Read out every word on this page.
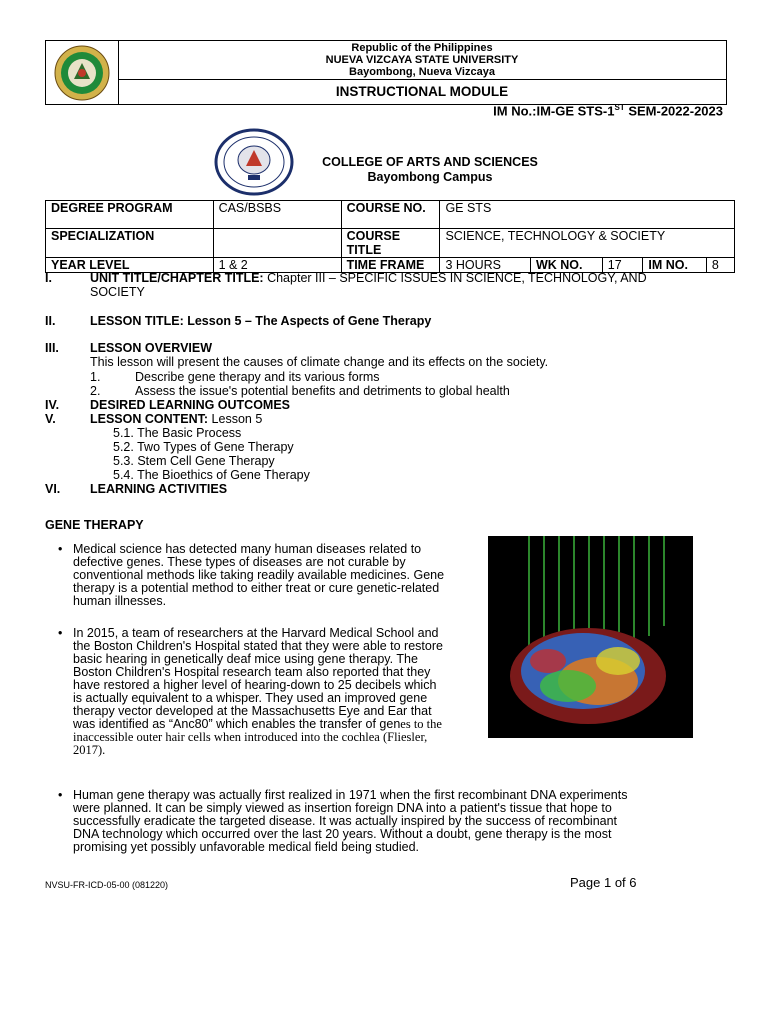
Republic of the Philippines
NUEVA VIZCAYA STATE UNIVERSITY
Bayombong, Nueva Vizcaya
INSTRUCTIONAL MODULE
IM No.:IM-GE STS-1ST SEM-2022-2023
COLLEGE OF ARTS AND SCIENCES
Bayombong Campus
DEGREE PROGRAM	CAS/BSBS	COURSE NO.	GE STS				
SPECIALIZATION		COURSE TITLE	SCIENCE, TECHNOLOGY & SOCIETY				
YEAR LEVEL	1 & 2	TIME FRAME	3 HOURS	WK NO.	17	IM NO.	8
I.	UNIT TITLE/CHAPTER TITLE: Chapter III – SPECIFIC ISSUES IN SCIENCE, TECHNOLOGY, AND
SOCIETY
II.	LESSON TITLE: Lesson 5 – The Aspects of Gene Therapy
III. LESSON OVERVIEW
This lesson will present the causes of climate change and its effects on the society.
1.	Describe gene therapy and its various forms
2.	Assess the issue's potential benefits and detriments to global health
IV. DESIRED LEARNING OUTCOMES
V.	LESSON CONTENT: Lesson 5
5.1. The Basic Process
5.2. Two Types of Gene Therapy
5.3. Stem Cell Gene Therapy
5.4. The Bioethics of Gene Therapy
VI. LEARNING ACTIVITIES
GENE THERAPY
• Medical science has detected many human diseases related to
defective genes. These types of diseases are not curable by
conventional methods like taking readily available medicines. Gene
therapy is a potential method to either treat or cure genetic-related
human illnesses.
• In 2015, a team of researchers at the Harvard Medical School and
the Boston Children's Hospital stated that they were able to restore
basic hearing in genetically deaf mice using gene therapy. The
Boston Children's Hospital research team also reported that they
have restored a higher level of hearing-down to 25 decibels which
is actually equivalent to a whisper. They used an improved gene
therapy vector developed at the Massachusetts Eye and Ear that
was identified as “Anc80” which enables the transfer of genes to the
inaccessible outer hair cells when introduced into the cochlea (Fliesler,
2017).
• Human gene therapy was actually first realized in 1971 when the first recombinant DNA experiments
were planned. It can be simply viewed as insertion foreign DNA into a patient's tissue that hope to
successfully eradicate the targeted disease. It was actually inspired by the success of recombinant
DNA technology which occurred over the last 20 years. Without a doubt, gene therapy is the most
promising yet possibly unfavorable medical field being studied.
NVSU-FR-ICD-05-00 (081220)	Page 1 of 6
